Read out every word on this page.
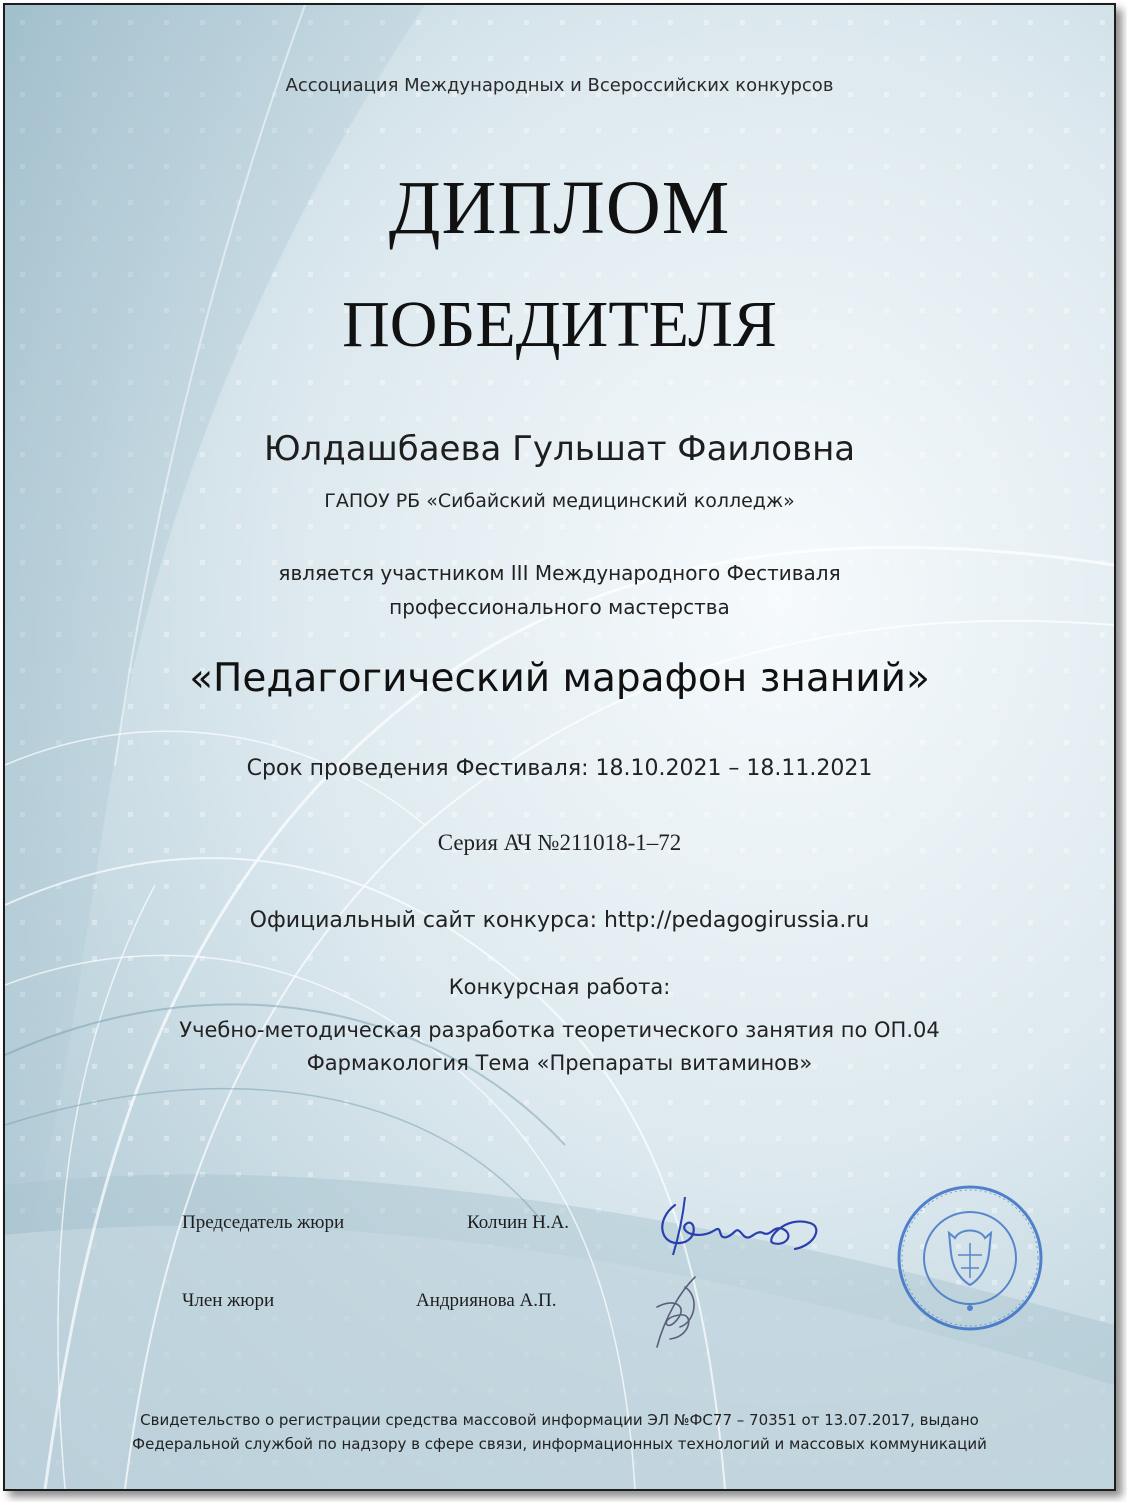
Ассоциация Международных и Всероссийских конкурсов
ДИПЛОМ
ПОБЕДИТЕЛЯ
Юлдашбаева Гульшат Фаиловна
ГАПОУ РБ «Сибайский медицинский колледж»
является участником III Международного Фестиваля
профессионального мастерства
«Педагогический марафон знаний»
Срок проведения Фестиваля: 18.10.2021 – 18.11.2021
Серия АЧ №211018-1–72
Официальный сайт конкурса: http://pedagogirussia.ru
Конкурсная работа:
Учебно-методическая разработка теоретического занятия по ОП.04
Фармакология Тема «Препараты витаминов»
Председатель жюри	Колчин Н.А.
Член жюри	Андриянова А.П.
Свидетельство о регистрации средства массовой информации ЭЛ №ФС77 – 70351 от 13.07.2017, выдано
Федеральной службой по надзору в сфере связи, информационных технологий и массовых коммуникаций
